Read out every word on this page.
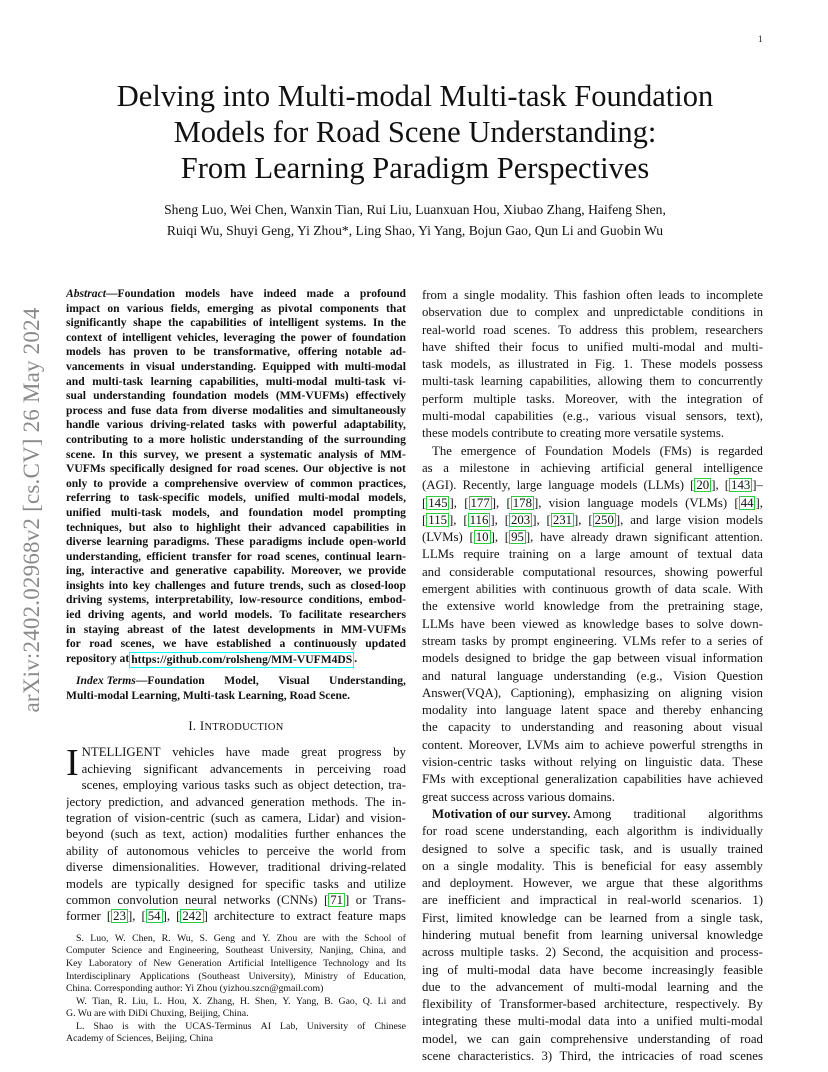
1
arXiv:2402.02968v2 [cs.CV] 26 May 2024
Delving into Multi-modal Multi-task Foundation
Models for Road Scene Understanding:
From Learning Paradigm Perspectives
Sheng Luo, Wei Chen, Wanxin Tian, Rui Liu, Luanxuan Hou, Xiubao Zhang, Haifeng Shen,
Ruiqi Wu, Shuyi Geng, Yi Zhou*, Ling Shao, Yi Yang, Bojun Gao, Qun Li and Guobin Wu
Abstract—Foundation models have indeed made a profound
impact on various fields, emerging as pivotal components that
significantly shape the capabilities of intelligent systems. In the
context of intelligent vehicles, leveraging the power of foundation
models has proven to be transformative, offering notable ad-
vancements in visual understanding. Equipped with multi-modal
and multi-task learning capabilities, multi-modal multi-task vi-
sual understanding foundation models (MM-VUFMs) effectively
process and fuse data from diverse modalities and simultaneously
handle various driving-related tasks with powerful adaptability,
contributing to a more holistic understanding of the surrounding
scene. In this survey, we present a systematic analysis of MM-
VUFMs specifically designed for road scenes. Our objective is not
only to provide a comprehensive overview of common practices,
referring to task-specific models, unified multi-modal models,
unified multi-task models, and foundation model prompting
techniques, but also to highlight their advanced capabilities in
diverse learning paradigms. These paradigms include open-world
understanding, efficient transfer for road scenes, continual learn-
ing, interactive and generative capability. Moreover, we provide
insights into key challenges and future trends, such as closed-loop
driving systems, interpretability, low-resource conditions, embod-
ied driving agents, and world models. To facilitate researchers
in staying abreast of the latest developments in MM-VUFMs
for road scenes, we have established a continuously updated
repository at https://github.com/rolsheng/MM-VUFM4DS .
Index Terms—Foundation Model, Visual Understanding,
Multi-modal Learning, Multi-task Learning, Road Scene.
I. INTRODUCTION
I NTELLIGENT vehicles have made great progress by
achieving significant advancements in perceiving road
scenes, employing various tasks such as object detection, tra-
jectory prediction, and advanced generation methods. The in-
tegration of vision-centric (such as camera, Lidar) and vision-
beyond (such as text, action) modalities further enhances the
ability of autonomous vehicles to perceive the world from
diverse dimensionalities. However, traditional driving-related
models are typically designed for specific tasks and utilize
common convolution neural networks (CNNs) [ 71 ] or Trans-
former [ 23 ], [ 54 ], [ 242 ] architecture to extract feature maps
S. Luo, W. Chen, R. Wu, S. Geng and Y. Zhou are with the School of
Computer Science and Engineering, Southeast University, Nanjing, China, and
Key Laboratory of New Generation Artificial Intelligence Technology and Its
Interdisciplinary Applications (Southeast University), Ministry of Education,
China. Corresponding author: Yi Zhou (yizhou.szcn@gmail.com)
W. Tian, R. Liu, L. Hou, X. Zhang, H. Shen, Y. Yang, B. Gao, Q. Li and
G. Wu are with DiDi Chuxing, Beijing, China.
L. Shao is with the UCAS-Terminus AI Lab, University of Chinese
Academy of Sciences, Beijing, China
from a single modality. This fashion often leads to incomplete
observation due to complex and unpredictable conditions in
real-world road scenes. To address this problem, researchers
have shifted their focus to unified multi-modal and multi-
task models, as illustrated in Fig. 1. These models possess
multi-task learning capabilities, allowing them to concurrently
perform multiple tasks. Moreover, with the integration of
multi-modal capabilities (e.g., various visual sensors, text),
these models contribute to creating more versatile systems.
The emergence of Foundation Models (FMs) is regarded
as a milestone in achieving artificial general intelligence
(AGI). Recently, large language models (LLMs) [ 20 ], [ 143 ]–
[ 145 ], [ 177 ], [ 178 ], vision language models (VLMs) [ 44 ],
[ 115 ], [ 116 ], [ 203 ], [ 231 ], [ 250 ], and large vision models
(LVMs) [ 10 ], [ 95 ], have already drawn significant attention.
LLMs require training on a large amount of textual data
and considerable computational resources, showing powerful
emergent abilities with continuous growth of data scale. With
the extensive world knowledge from the pretraining stage,
LLMs have been viewed as knowledge bases to solve down-
stream tasks by prompt engineering. VLMs refer to a series of
models designed to bridge the gap between visual information
and natural language understanding (e.g., Vision Question
Answer(VQA), Captioning), emphasizing on aligning vision
modality into language latent space and thereby enhancing
the capacity to understanding and reasoning about visual
content. Moreover, LVMs aim to achieve powerful strengths in
vision-centric tasks without relying on linguistic data. These
FMs with exceptional generalization capabilities have achieved
great success across various domains.
Motivation of our survey. Among traditional algorithms
for road scene understanding, each algorithm is individually
designed to solve a specific task, and is usually trained
on a single modality. This is beneficial for easy assembly
and deployment. However, we argue that these algorithms
are inefficient and impractical in real-world scenarios. 1)
First, limited knowledge can be learned from a single task,
hindering mutual benefit from learning universal knowledge
across multiple tasks. 2) Second, the acquisition and process-
ing of multi-modal data have become increasingly feasible
due to the advancement of multi-modal learning and the
flexibility of Transformer-based architecture, respectively. By
integrating these multi-modal data into a unified multi-modal
model, we can gain comprehensive understanding of road
scene characteristics. 3) Third, the intricacies of road scenes
